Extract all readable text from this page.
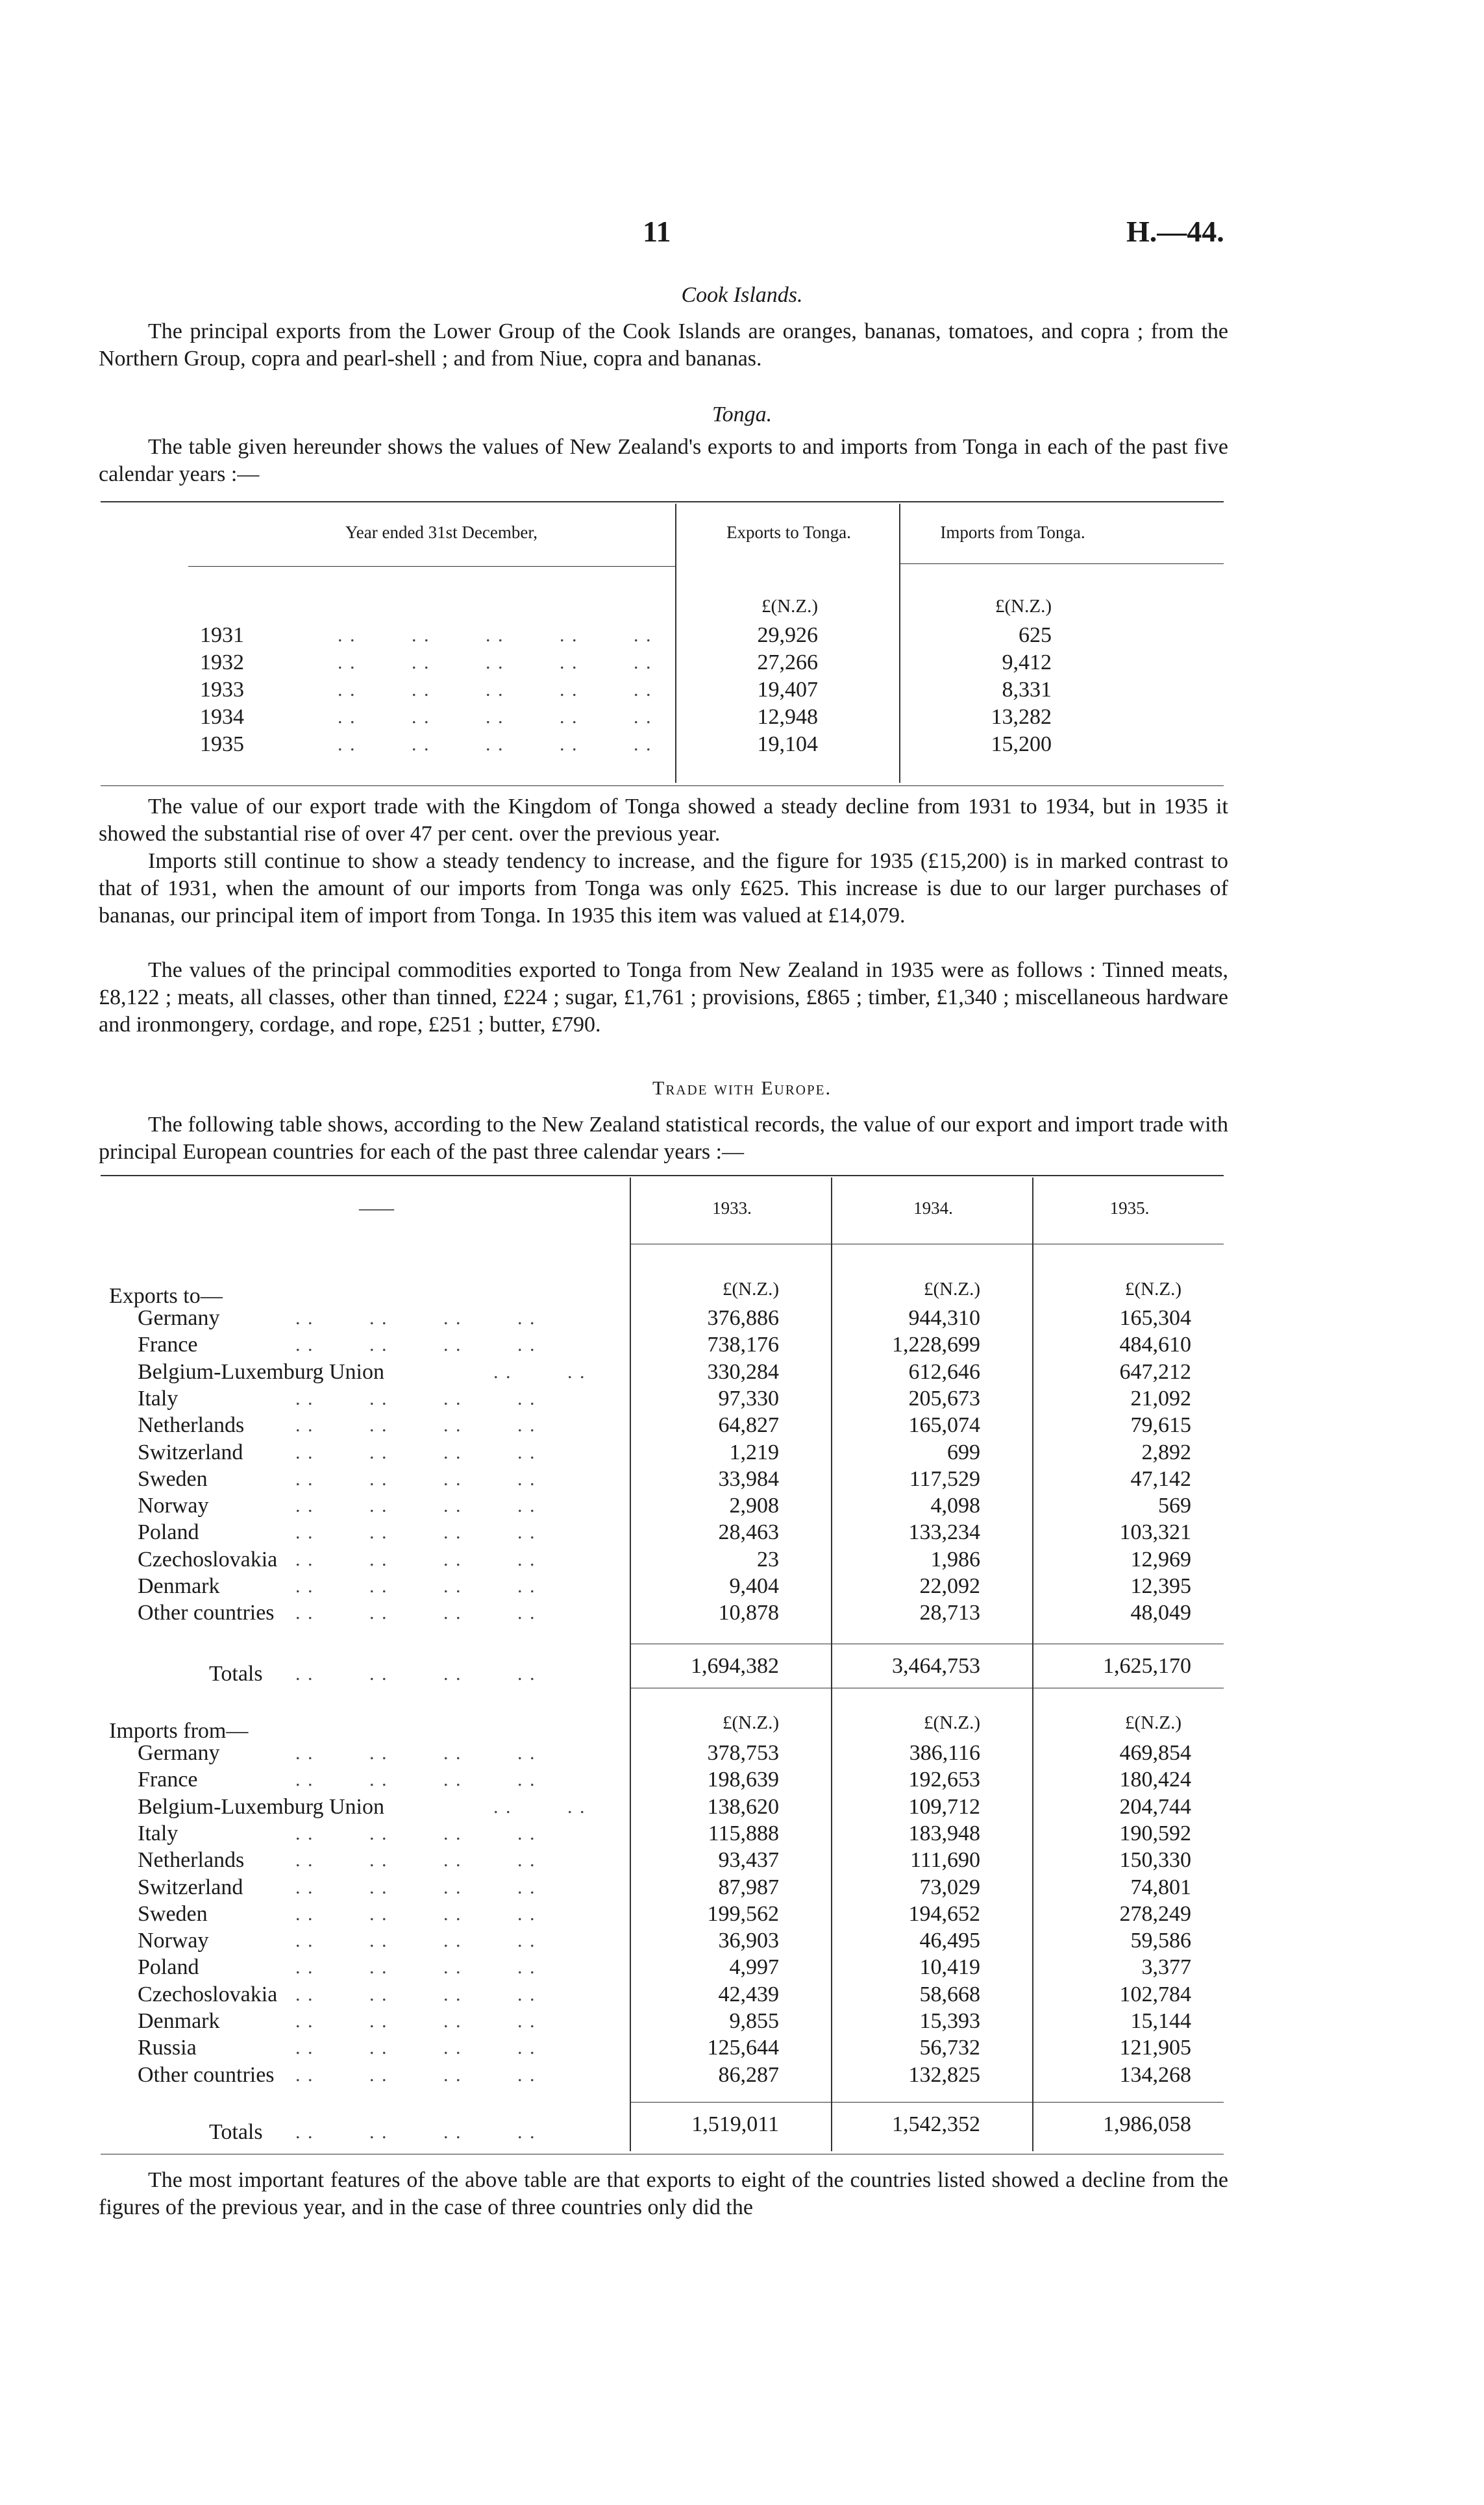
11	H.—44.
Cook Islands.
The principal exports from the Lower Group of the Cook Islands are oranges, bananas, tomatoes, and copra ; from the Northern Group, copra and pearl-shell ; and from Niue, copra and bananas.
Tonga.
The table given hereunder shows the values of New Zealand's exports to and imports from Tonga in each of the past five calendar years :—
Year ended 31st December,	Exports to Tonga.	Imports from Tonga.
£(N.Z.)	£(N.Z.)
1931	. .         . .         . .         . .         . .	29,926	625
1932	. .         . .         . .         . .         . .	27,266	9,412
1933	. .         . .         . .         . .         . .	19,407	8,331
1934	. .         . .         . .         . .         . .	12,948	13,282
1935	. .         . .         . .         . .         . .	19,104	15,200
The value of our export trade with the Kingdom of Tonga showed a steady decline from 1931 to 1934, but in 1935 it showed the substantial rise of over 47 per cent. over the previous year.
Imports still continue to show a steady tendency to increase, and the figure for 1935 (£15,200) is in marked contrast to that of 1931, when the amount of our imports from Tonga was only £625. This increase is due to our larger purchases of bananas, our principal item of import from Tonga. In 1935 this item was valued at £14,079.
The values of the principal commodities exported to Tonga from New Zealand in 1935 were as follows : Tinned meats, £8,122 ; meats, all classes, other than tinned, £224 ; sugar, £1,761 ; provisions, £865 ; timber, £1,340 ; miscellaneous hardware and ironmongery, cordage, and rope, £251 ; butter, £790.
Trade with Europe.
The following table shows, according to the New Zealand statistical records, the value of our export and import trade with principal European countries for each of the past three calendar years :—
——	1933.	1934.	1935.
Exports to—	£(N.Z.)	£(N.Z.)	£(N.Z.)
Germany	. .         . .         . .         . .	376,886	944,310	165,304
France	. .         . .         . .         . .	738,176	1,228,699	484,610
Belgium-Luxemburg Union	. .         . .	330,284	612,646	647,212
Italy	. .         . .         . .         . .	97,330	205,673	21,092
Netherlands	. .         . .         . .         . .	64,827	165,074	79,615
Switzerland	. .         . .         . .         . .	1,219	699	2,892
Sweden	. .         . .         . .         . .	33,984	117,529	47,142
Norway	. .         . .         . .         . .	2,908	4,098	569
Poland	. .         . .         . .         . .	28,463	133,234	103,321
Czechoslovakia . .         . .         . .         . .	23	1,986	12,969
Denmark	. .         . .         . .         . .	9,404	22,092	12,395
Other countries . .         . .         . .         . .	10,878	28,713	48,049
Totals . .         . .         . .         . .	1,694,382	3,464,753	1,625,170
Imports from—	£(N.Z.)	£(N.Z.)	£(N.Z.)
Germany	. .         . .         . .         . .	378,753	386,116	469,854
France	. .         . .         . .         . .	198,639	192,653	180,424
Belgium-Luxemburg Union	. .         . .	138,620	109,712	204,744
Italy	. .         . .         . .         . .	115,888	183,948	190,592
Netherlands	. .         . .         . .         . .	93,437	111,690	150,330
Switzerland	. .         . .         . .         . .	87,987	73,029	74,801
Sweden	. .         . .         . .         . .	199,562	194,652	278,249
Norway	. .         . .         . .         . .	36,903	46,495	59,586
Poland	. .         . .         . .         . .	4,997	10,419	3,377
Czechoslovakia . .         . .         . .         . .	42,439	58,668	102,784
Denmark	. .         . .         . .         . .	9,855	15,393	15,144
Russia	. .         . .         . .         . .	125,644	56,732	121,905
Other countries . .         . .         . .         . .	86,287	132,825	134,268
Totals . .         . .         . .         . .	1,519,011	1,542,352	1,986,058
The most important features of the above table are that exports to eight of the countries listed showed a decline from the figures of the previous year, and in the case of three countries only did the
